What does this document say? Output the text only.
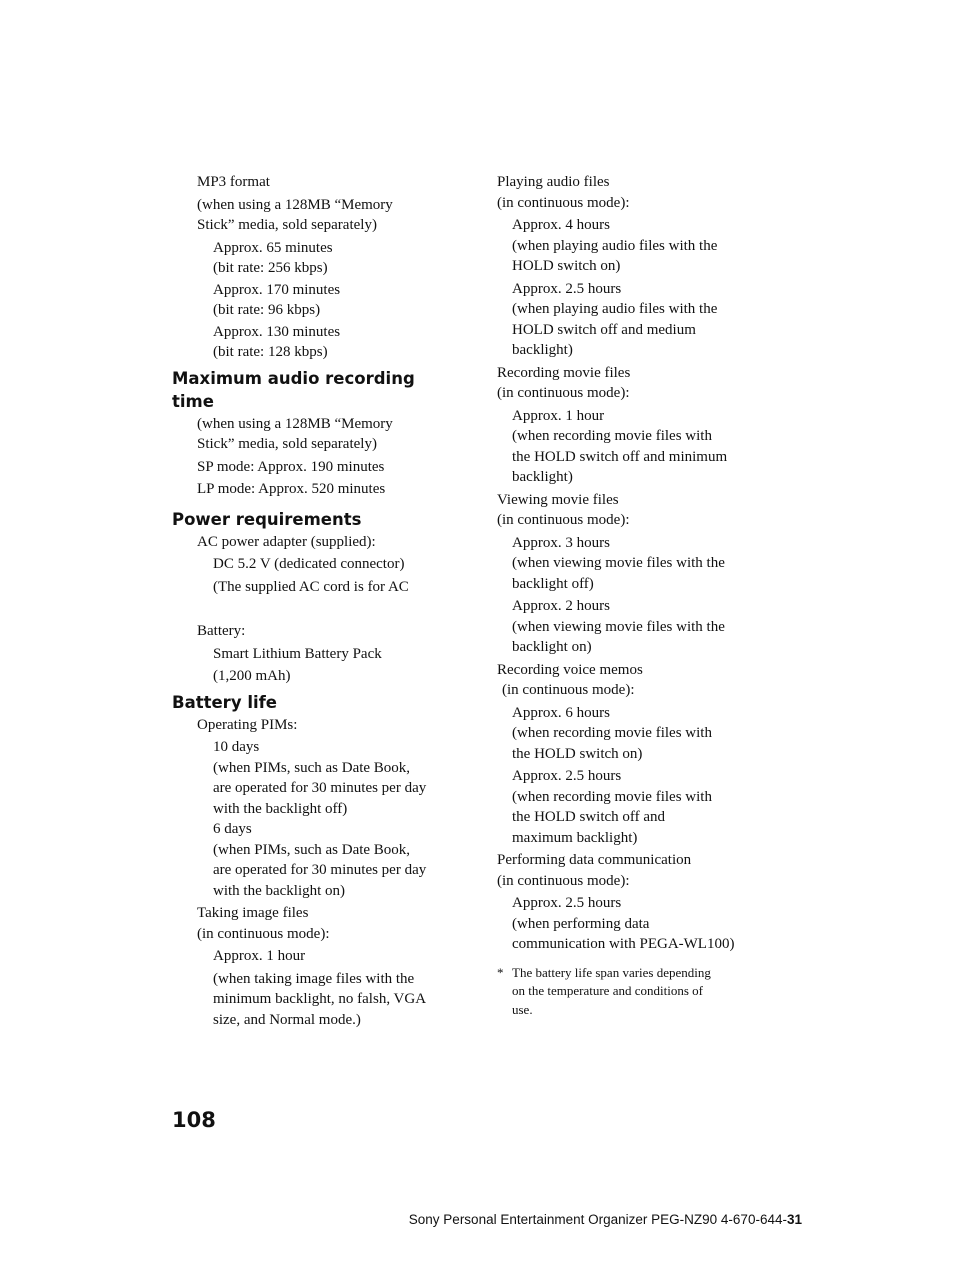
MP3 format
(when using a 128MB “Memory
Stick” media, sold separately)
Approx. 65 minutes
(bit rate: 256 kbps)
Approx. 170 minutes
(bit rate: 96 kbps)
Approx. 130 minutes
(bit rate: 128 kbps)
Maximum audio recording
time
(when using a 128MB “Memory
Stick” media, sold separately)
SP mode: Approx. 190 minutes
LP mode: Approx. 520 minutes
Power requirements
AC power adapter (supplied):
DC 5.2 V (dedicated connector)
(The supplied AC cord is for AC
Battery:
Smart Lithium Battery Pack
(1,200 mAh)
Battery life
Operating PIMs:
10 days
(when PIMs, such as Date Book,
are operated for 30 minutes per day
with the backlight off)
6 days
(when PIMs, such as Date Book,
are operated for 30 minutes per day
with the backlight on)
Taking image files
(in continuous mode):
Approx. 1 hour
(when taking image files with the
minimum backlight, no falsh, VGA
size, and Normal mode.)
Playing audio files
(in continuous mode):
Approx. 4 hours
(when playing audio files with the
HOLD switch on)
Approx. 2.5 hours
(when playing audio files with the
HOLD switch off and medium
backlight)
Recording movie files
(in continuous mode):
Approx. 1 hour
(when recording movie files with
the HOLD switch off and minimum
backlight)
Viewing movie files
(in continuous mode):
Approx. 3 hours
(when viewing movie files with the
backlight off)
Approx. 2 hours
(when viewing movie files with the
backlight on)
Recording voice memos
(in continuous mode):
Approx. 6 hours
(when recording movie files with
the HOLD switch on)
Approx. 2.5 hours
(when recording movie files with
the HOLD switch off and
maximum backlight)
Performing data communication
(in continuous mode):
Approx. 2.5 hours
(when performing data
communication with PEGA-WL100)
* The battery life span varies depending
on the temperature and conditions of
use.
108
Sony Personal Entertainment Organizer PEG-NZ90 4-670-644-31
